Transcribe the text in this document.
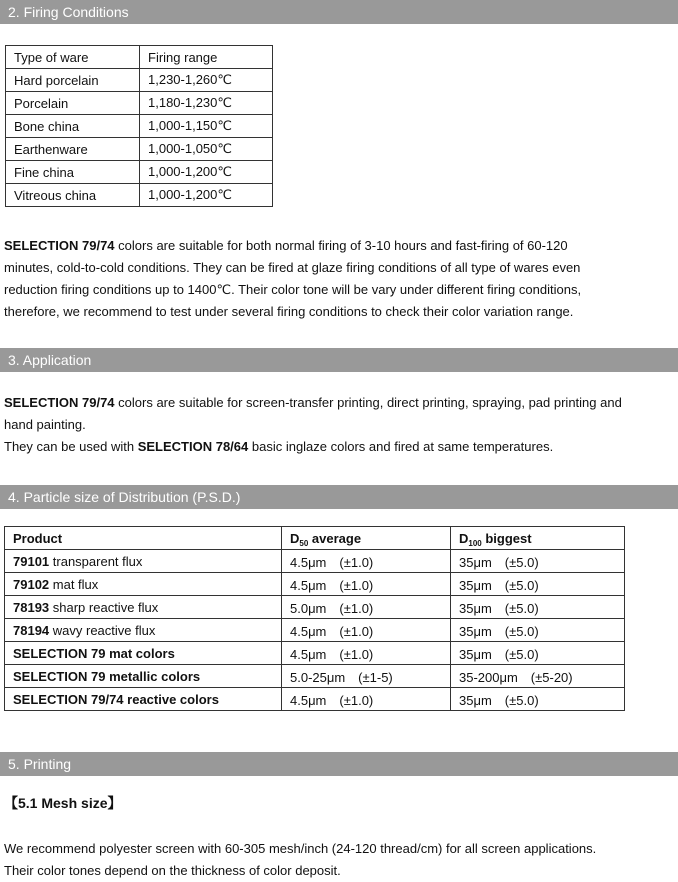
2. Firing Conditions
Type of ware	Firing range
Hard porcelain	1,230-1,260℃
Porcelain	1,180-1,230℃
Bone china	1,000-1,150℃
Earthenware	1,000-1,050℃
Fine china	1,000-1,200℃
Vitreous china	1,000-1,200℃
SELECTION 79/74 colors are suitable for both normal firing of 3-10 hours and fast-firing of 60-120
minutes, cold-to-cold conditions. They can be fired at glaze firing conditions of all type of wares even
reduction firing conditions up to 1400℃. Their color tone will be vary under different firing conditions,
therefore, we recommend to test under several firing conditions to check their color variation range.
3. Application
SELECTION 79/74 colors are suitable for screen-transfer printing, direct printing, spraying, pad printing and
hand painting.
They can be used with SELECTION 78/64 basic inglaze colors and fired at same temperatures.
4. Particle size of Distribution (P.S.D.)
Product	$D_{50}$ average	$D_{100}$ biggest
79101 transparent flux	4.5μm　(±1.0)	35μm　(±5.0)
79102 mat flux	4.5μm　(±1.0)	35μm　(±5.0)
78193 sharp reactive flux	5.0μm　(±1.0)	35μm　(±5.0)
78194 wavy reactive flux	4.5μm　(±1.0)	35μm　(±5.0)
SELECTION 79 mat colors	4.5μm　(±1.0)	35μm　(±5.0)
SELECTION 79 metallic colors	5.0-25μm　(±1-5)	35-200μm　(±5-20)
SELECTION 79/74 reactive colors	4.5μm　(±1.0)	35μm　(±5.0)
5. Printing
【5.1 Mesh size】
We recommend polyester screen with 60-305 mesh/inch (24-120 thread/cm) for all screen applications.
Their color tones depend on the thickness of color deposit.
